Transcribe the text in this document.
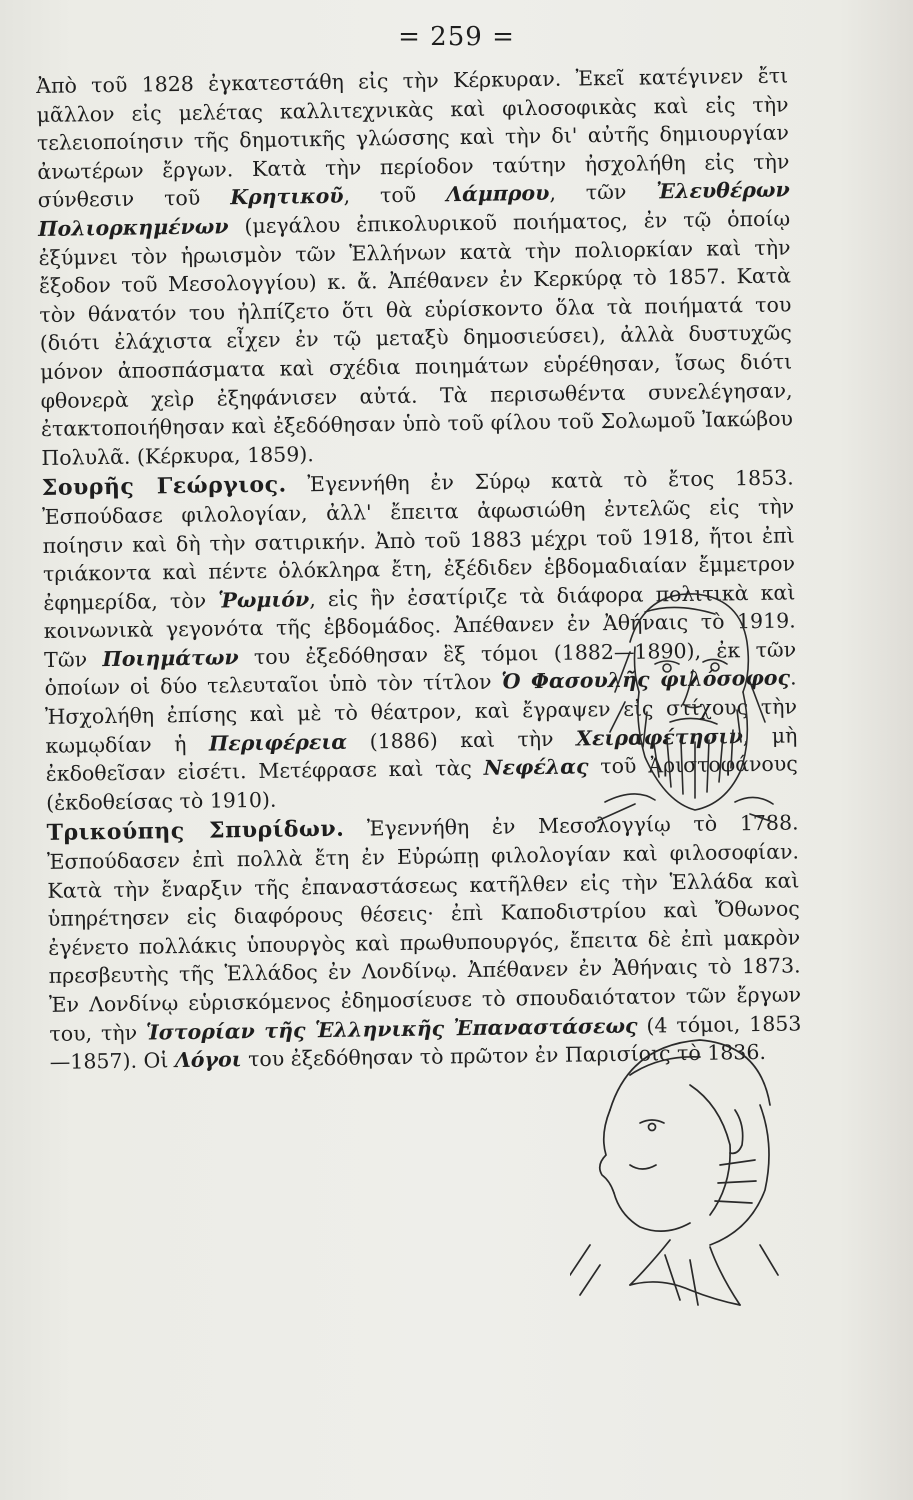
= 259 =

Ἀπὸ τοῦ 1828 ἐγκατεστάθη εἰς τὴν Κέρκυραν. Ἐκεῖ κατέγινεν ἔτι μᾶλλον εἰς μελέτας καλλιτεχνικὰς καὶ φιλοσοφικὰς καὶ εἰς τὴν τελειοποίησιν τῆς δημοτικῆς γλώσσης καὶ τὴν δι' αὐτῆς δημιουργίαν ἀνωτέρων ἔργων. Κατὰ τὴν περίοδον ταύτην ἠσχολήθη εἰς τὴν σύνθεσιν τοῦ Κρητικοῦ, τοῦ Λάμπρου, τῶν Ἐλευθέρων Πολιορκημένων (μεγάλου ἐπικολυρικοῦ ποιήματος, ἐν τῷ ὁποίῳ ἐξύμνει τὸν ἡρωισμὸν τῶν Ἑλλήνων κατὰ τὴν πολιορκίαν καὶ τὴν ἔξοδον τοῦ Μεσολογγίου) κ. ἄ. Ἀπέθανεν ἐν Κερκύρᾳ τὸ 1857. Κατὰ τὸν θάνατόν του ἠλπίζετο ὅτι θὰ εὑρίσκοντο ὅλα τὰ ποιήματά του (διότι ἐλάχιστα εἶχεν ἐν τῷ μεταξὺ δημοσιεύσει), ἀλλὰ δυστυχῶς μόνον ἀποσπάσματα καὶ σχέδια ποιημάτων εὑρέθησαν, ἴσως διότι φθονερὰ χεὶρ ἐξηφάνισεν αὐτά. Τὰ περισωθέντα συνελέγησαν, ἐτακτοποιήθησαν καὶ ἐξεδόθησαν ὑπὸ τοῦ φίλου τοῦ Σολωμοῦ Ἰακώβου Πολυλᾶ. (Κέρκυρα, 1859).

Σουρῆς Γεώργιος. Ἐγεννήθη ἐν Σύρῳ κατὰ τὸ ἔτος 1853. Ἐσπούδασε φιλολογίαν, ἀλλ' ἔπειτα ἀφωσιώθη ἐντελῶς εἰς τὴν ποίησιν καὶ δὴ τὴν σατιρικήν. Ἀπὸ τοῦ 1883 μέχρι τοῦ 1918, ἤτοι ἐπὶ τριάκοντα καὶ πέντε ὁλόκληρα ἔτη, ἐξέδιδεν ἑβδομαδιαίαν ἔμμετρον ἐφημερίδα, τὸν Ῥωμιόν, εἰς ἣν ἐσατίριζε τὰ διάφορα πολιτικὰ καὶ κοινωνικὰ γεγονότα τῆς ἑβδομάδος. Ἀπέθανεν ἐν Ἀθήναις τὸ 1919. Τῶν Ποιημάτων του ἐξεδόθησαν ἓξ τόμοι (1882—1890), ἐκ τῶν ὁποίων οἱ δύο τελευταῖοι ὑπὸ τὸν τίτλον Ὁ Φασουλῆς φιλόσοφος. Ἠσχολήθη ἐπίσης καὶ μὲ τὸ θέατρον, καὶ ἔγραψεν εἰς στίχους τὴν κωμῳδίαν ἡ Περιφέρεια (1886) καὶ τὴν Χειραφέτησιν, μὴ ἐκδοθεῖσαν εἰσέτι. Μετέφρασε καὶ τὰς Νεφέλας τοῦ Ἀριστοφάνους (ἐκδοθείσας τὸ 1910).

Τρικούπης Σπυρίδων. Ἐγεννήθη ἐν Μεσολογγίῳ τὸ 1788. Ἐσπούδασεν ἐπὶ πολλὰ ἔτη ἐν Εὐρώπῃ φιλολογίαν καὶ φιλοσοφίαν. Κατὰ τὴν ἔναρξιν τῆς ἐπαναστάσεως κατῆλθεν εἰς τὴν Ἑλλάδα καὶ ὑπηρέτησεν εἰς διαφόρους θέσεις· ἐπὶ Καποδιστρίου καὶ Ὄθωνος ἐγένετο πολλάκις ὑπουργὸς καὶ πρωθυπουργός, ἔπειτα δὲ ἐπὶ μακρὸν πρεσβευτὴς τῆς Ἑλλάδος ἐν Λονδίνῳ. Ἀπέθανεν ἐν Ἀθήναις τὸ 1873. Ἐν Λονδίνῳ εὑρισκόμενος ἐδημοσίευσε τὸ σπουδαιότατον τῶν ἔργων του, τὴν Ἱστορίαν τῆς Ἑλληνικῆς Ἐπαναστάσεως (4 τόμοι, 1853—1857). Οἱ Λόγοι του ἐξεδόθησαν τὸ πρῶτον ἐν Παρισίοις τὸ 1836.
